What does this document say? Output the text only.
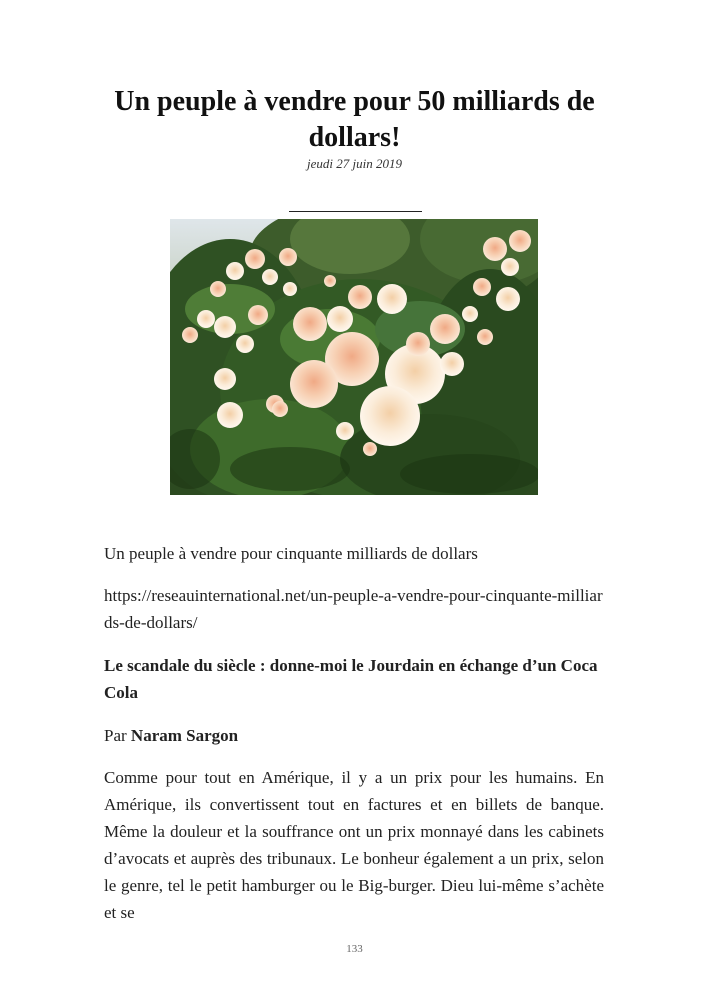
Un peuple à vendre pour 50 milliards de dollars!
jeudi 27 juin 2019
Un peuple à vendre pour cinquante milliards de dollars
https://reseauinternational.net/un-peuple-a-vendre-pour-cinquante-milliards-de-dollars/
Le scandale du siècle : donne-moi le Jourdain en échange d’un Coca Cola
Par Naram Sargon
Comme pour tout en Amérique, il y a un prix pour les humains. En Amérique, ils convertissent tout en factures et en billets de banque. Même la douleur et la souffrance ont un prix monnayé dans les cabinets d’avocats et auprès des tribunaux. Le bonheur également a un prix, selon le genre, tel le petit hamburger ou le Big-burger. Dieu lui-même s’achète et se
133
